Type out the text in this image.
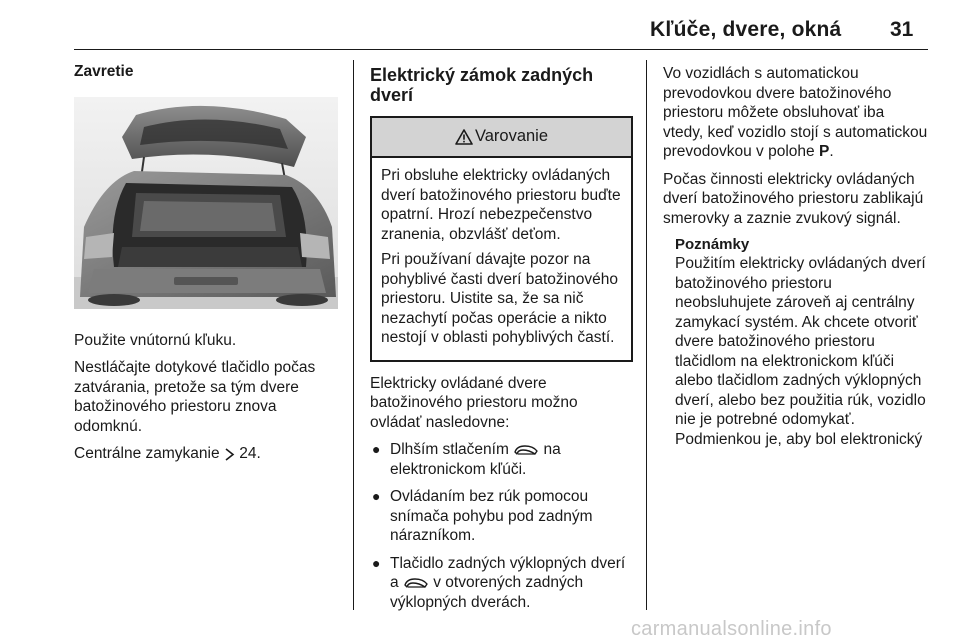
Kľúče, dvere, okná 31
Zavretie

Použite vnútornú kľuku.

Nestláčajte dotykové tlačidlo počas zatvárania, pretože sa tým dvere batožinového priestoru znova odomknú.

Centrálne zamykanie  24.

Elektrický zámok zadných dverí
Varovanie

Pri obsluhe elektricky ovládaných dverí batožinového priestoru buďte opatrní. Hrozí nebezpečenstvo zranenia, obzvlášť deťom.

Pri používaní dávajte pozor na pohyblivé časti dverí batožinového priestoru. Uistite sa, že sa nič nezachytí počas operácie a nikto nestojí v oblasti pohyblivých častí.

Elektricky ovládané dvere batožinového priestoru možno ovládať nasledovne:

● Dlhším stlačením  na elektronickom kľúči.
● Ovládaním bez rúk pomocou snímača pohybu pod zadným nárazníkom.
● Tlačidlo zadných výklopných dverí a  v otvorených zadných výklopných dverách.

Vo vozidlách s automatickou prevodovkou dvere batožinového priestoru môžete obsluhovať iba vtedy, keď vozidlo stojí s automatickou prevodovkou v polohe P.

Počas činnosti elektricky ovládaných dverí batožinového priestoru zablikajú smerovky a zaznie zvukový signál.

Poznámky

Použitím elektricky ovládaných dverí batožinového priestoru neobsluhujete zároveň aj centrálny zamykací systém. Ak chcete otvoriť dvere batožinového priestoru tlačidlom na elektronickom kľúči alebo tlačidlom zadných výklopných dverí, alebo bez použitia rúk, vozidlo nie je potrebné odomykať.

Podmienkou je, aby bol elektronický

carmanualsonline.info
